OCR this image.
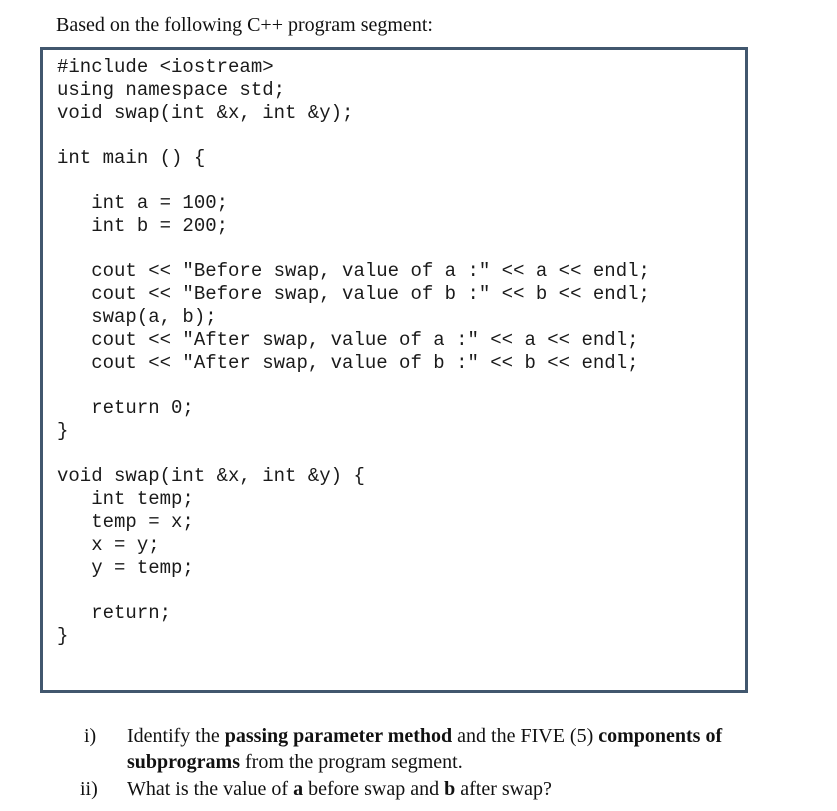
Based on the following C++ program segment:
#include <iostream>
using namespace std;
void swap(int &x, int &y);
int main () {
int a = 100;
int b = 200;
cout << "Before swap, value of a :" << a << endl;
cout << "Before swap, value of b :" << b << endl;
swap(a, b);
cout << "After swap, value of a :" << a << endl;
cout << "After swap, value of b :" << b << endl;
return 0;
}
void swap(int &x, int &y) {
int temp;
temp = x;
x = y;
y = temp;
return;
}
i) Identify the passing parameter method and the FIVE (5) components of
subprograms from the program segment.
ii) What is the value of a before swap and b after swap?
